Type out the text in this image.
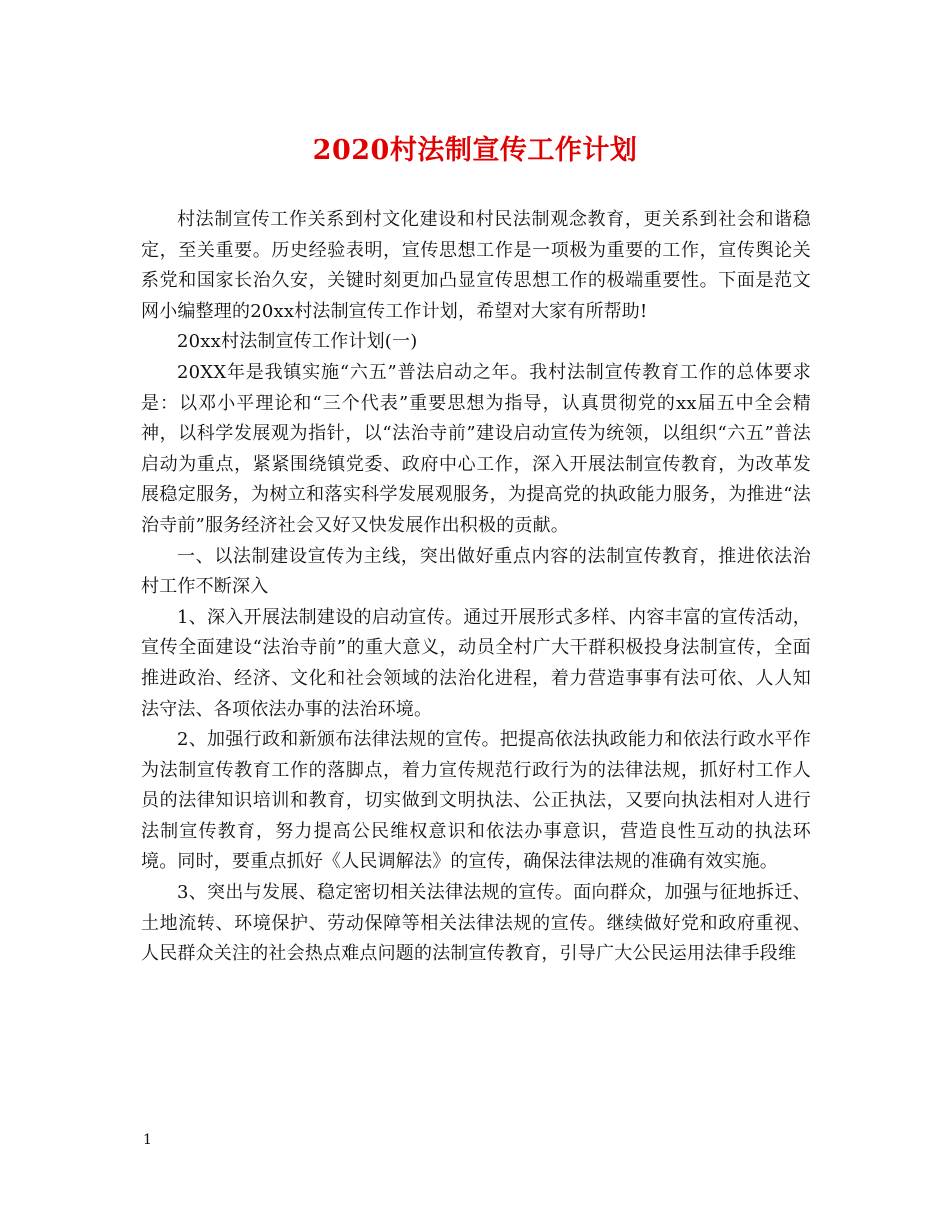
2020村法制宣传工作计划

村法制宣传工作关系到村文化建设和村民法制观念教育，更关系到社会和谐稳定，至关重要。历史经验表明，宣传思想工作是一项极为重要的工作，宣传舆论关系党和国家长治久安，关键时刻更加凸显宣传思想工作的极端重要性。下面是范文网小编整理的20xx村法制宣传工作计划，希望对大家有所帮助!

20xx村法制宣传工作计划(一)

20XX年是我镇实施“六五”普法启动之年。我村法制宣传教育工作的总体要求是：以邓小平理论和“三个代表”重要思想为指导，认真贯彻党的xx届五中全会精神，以科学发展观为指针，以“法治寺前”建设启动宣传为统领，以组织“六五”普法启动为重点，紧紧围绕镇党委、政府中心工作，深入开展法制宣传教育，为改革发展稳定服务，为树立和落实科学发展观服务，为提高党的执政能力服务，为推进“法治寺前”服务经济社会又好又快发展作出积极的贡献。

一、以法制建设宣传为主线，突出做好重点内容的法制宣传教育，推进依法治村工作不断深入

1、深入开展法制建设的启动宣传。通过开展形式多样、内容丰富的宣传活动，宣传全面建设“法治寺前”的重大意义，动员全村广大干群积极投身法制宣传，全面推进政治、经济、文化和社会领域的法治化进程，着力营造事事有法可依、人人知法守法、各项依法办事的法治环境。

2、加强行政和新颁布法律法规的宣传。把提高依法执政能力和依法行政水平作为法制宣传教育工作的落脚点，着力宣传规范行政行为的法律法规，抓好村工作人员的法律知识培训和教育，切实做到文明执法、公正执法，又要向执法相对人进行法制宣传教育，努力提高公民维权意识和依法办事意识，营造良性互动的执法环境。同时，要重点抓好《人民调解法》的宣传，确保法律法规的准确有效实施。

3、突出与发展、稳定密切相关法律法规的宣传。面向群众，加强与征地拆迁、土地流转、环境保护、劳动保障等相关法律法规的宣传。继续做好党和政府重视、人民群众关注的社会热点难点问题的法制宣传教育，引导广大公民运用法律手段维

1
